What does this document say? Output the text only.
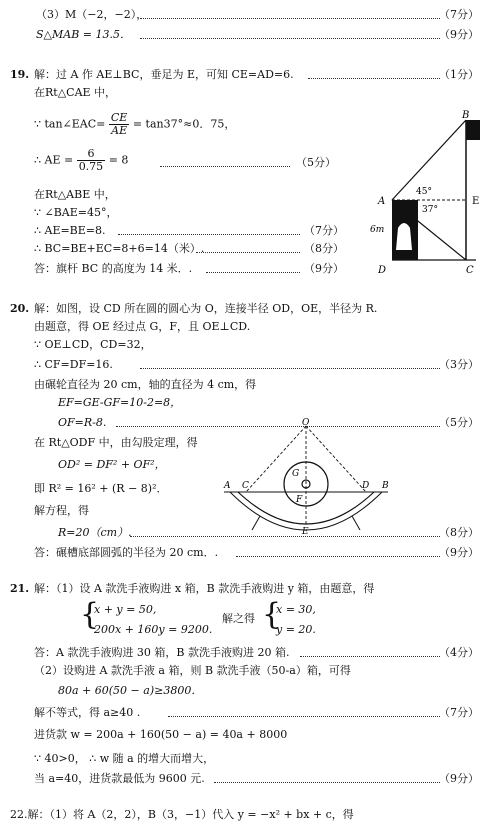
（3）M（−2，−2），	（7分）
S△MAB = 13.5．	（9分）
19. 解：过 A 作 AE⊥BC，垂足为 E，可知 CE=AD=6.	（1分）
在Rt△CAE 中，
∵ tan∠EAC= $\frac{CE}{AE} = \tan 37^\circ\approx 0$．75，
∴ AE = $\frac{6}{0.75} = 8$	（5分）
在Rt△ABE 中，
∵ ∠BAE=45°，
∴ AE=BE=8.	（7分）
∴ BC=BE+EC=8+6=14（米）.	（8分）
答：旗杆 BC 的高度为 14 米．.	（9分）
A
B
E
C
D
45°
37°
6m
20. 解：如图，设 CD 所在圆的圆心为 O，连接半径 OD，OE，半径为 R.
由题意，得 OE 经过点 G，F，且 OE⊥CD.
∵ OE⊥CD，CD=32，
∴ CF=DF=16.	（3分）
由碾轮直径为 20 cm，轴的直径为 4 cm，得
EF=GE-GF=10-2=8，
OF=R-8.	（5分）
在 Rt△ODF 中，由勾股定理，得
OD² = DF² + OF²，
即 R² = 16² + (R − 8)²．
解方程，得
R=20（cm）.	（8分）
答：碾槽底部圆弧的半径为 20 cm．.	（9分）
O
G
F
A C	D B
E
21. 解：（1）设 A 款洗手液购进 x 箱，B 款洗手液购进 y 箱，由题意，得
{
x + y = 50,
200x + 160y = 9200.
解之得 {
x = 30,
y = 20.
答：A 款洗手液购进 30 箱，B 款洗手液购进 20 箱.	（4分）
（2）设购进 A 款洗手液 a 箱，则 B 款洗手液（50-a）箱，可得
80a + 60(50 − a)≥3800．
解不等式，得 a≥40 .	（7分）
进货款 w = 200a + 160(50 − a) = 40a + 8000
∵ 40>0， ∴ w 随 a 的增大而增大，
当 a=40，进货款最低为 9600 元.	（9分）
22.解：（1）将 A（2，2），B（3，−1）代入 y = −x² + bx + c，得
